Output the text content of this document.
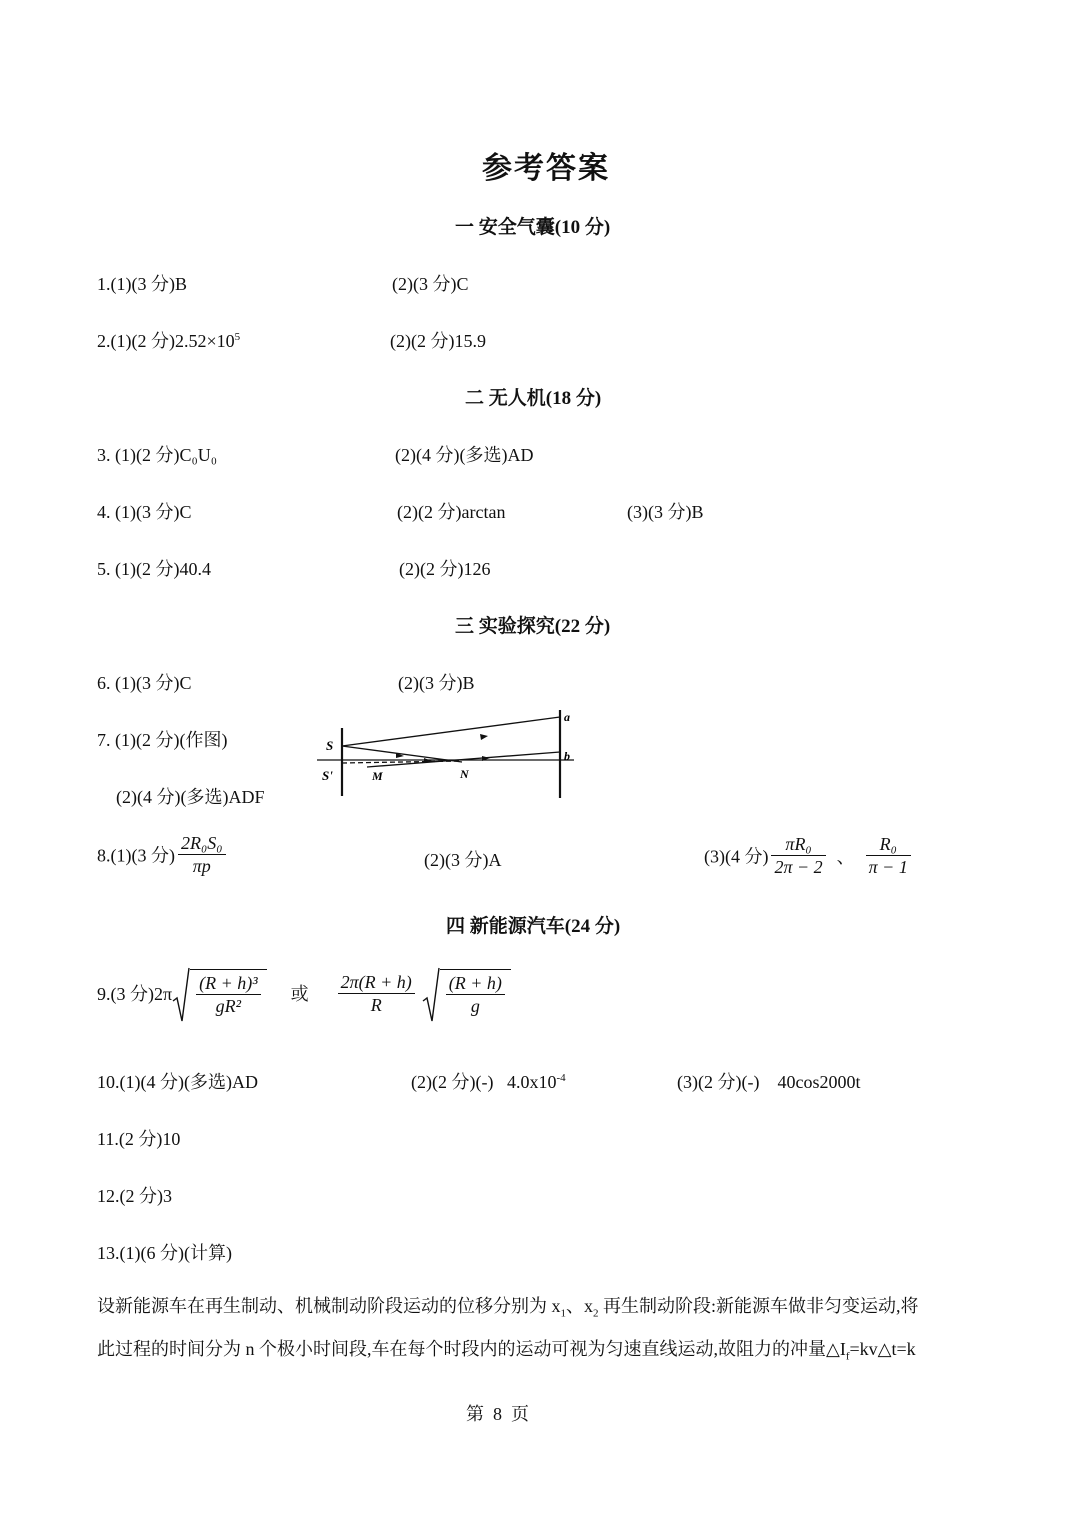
参考答案
一 安全气囊(10 分)
1.(1)(3 分)B	(2)(3 分)C
2.(1)(2 分)$2.52\times 10^5$	(2)(2 分)15.9
二 无人机(18 分)
3. (1)(2 分)C₀U₀	(2)(4 分)(多选)AD
4. (1)(3 分)C	(2)(2 分)arctan	(3)(3 分)B
5. (1)(2 分)40.4	(2)(2 分)126
三 实验探究(22 分)
6. (1)(3 分)C	(2)(3 分)B
7. (1)(2 分)(作图)
(2)(4 分)(多选)ADF
S
S'	M	N
a
b
8.(1)(3 分) $\frac{\text{2R₀S₀}}{\pi p}$	(2)(3 分)A	(3)(4 分) $\frac{\text{πR₀}}{2\pi - 2}$ 、 $\frac{\text{R₀}}{\pi - 1}$
四 新能源汽车(24 分)
9.(3 分)$2\pi \frac{\text{(R + h)³}}{\text{gR²}}$ 或 $\frac{2\pi(R + h)}{R} \frac{(R + h)}{g}$
10.(1)(4 分)(多选)AD	(2)(2 分)(-)   $4.0x10^{-4}$	(3)(2 分)(-)    40cos2000t
11.(2 分)10
12.(2 分)3
13.(1)(6 分)(计算)
设新能源车在再生制动、机械制动阶段运动的位移分别为 $x_1$、$x_2$ 再生制动阶段:新能源车做非匀变运动,将
此过程的时间分为 n 个极小时间段,车在每个时段内的运动可视为匀速直线运动,故阻力的冲量$\triangle I_f=kv\triangle t=k$
第  8  页
